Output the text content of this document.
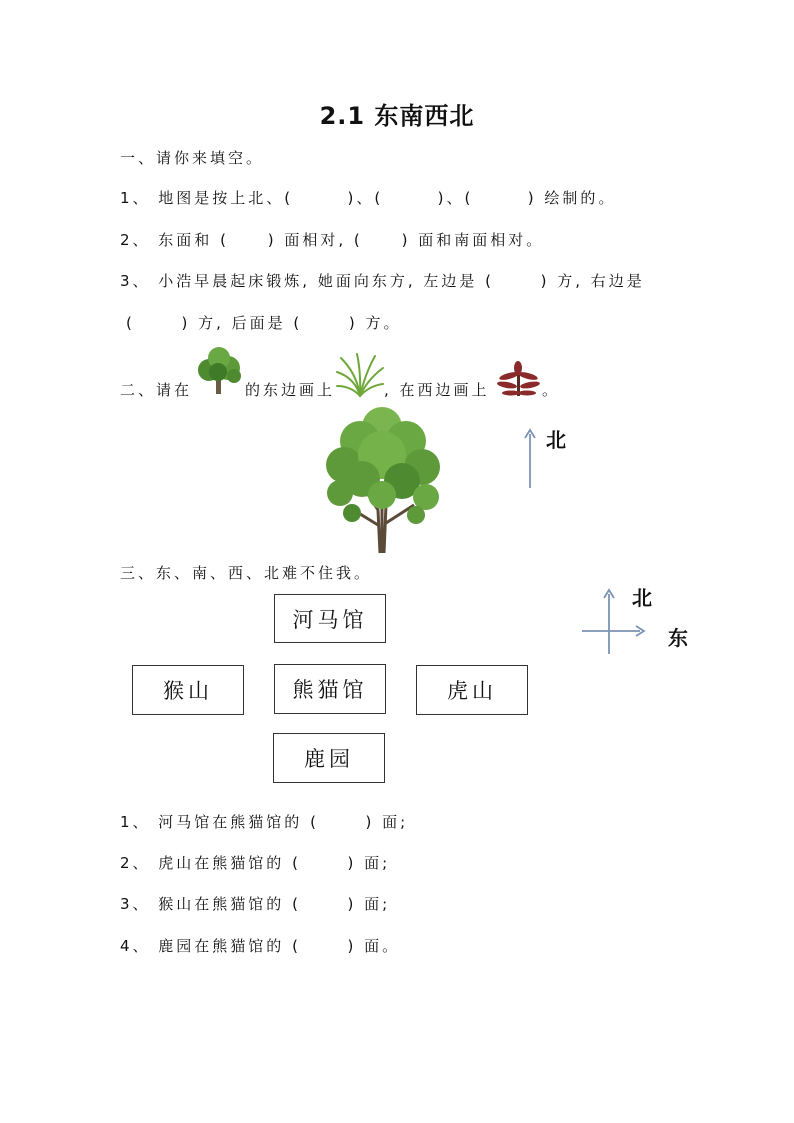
2.1 东南西北
一、请你来填空。
1、 地图是按上北、(       )、(       )、(       ) 绘制的。
2、 东面和 (     ) 面相对, (     ) 面和南面相对。
3、 小浩早晨起床锻炼, 她面向东方, 左边是 (      ) 方, 右边是
(      ) 方, 后面是 (      ) 方。
二、请在	的东边画上	, 在西边画上	。
北
三、东、南、西、北难不住我。
北
东
河马馆
猴山	熊猫馆	虎山
鹿园
1、 河马馆在熊猫馆的 (      ) 面;
2、 虎山在熊猫馆的 (      ) 面;
3、 猴山在熊猫馆的 (      ) 面;
4、 鹿园在熊猫馆的 (      ) 面。
